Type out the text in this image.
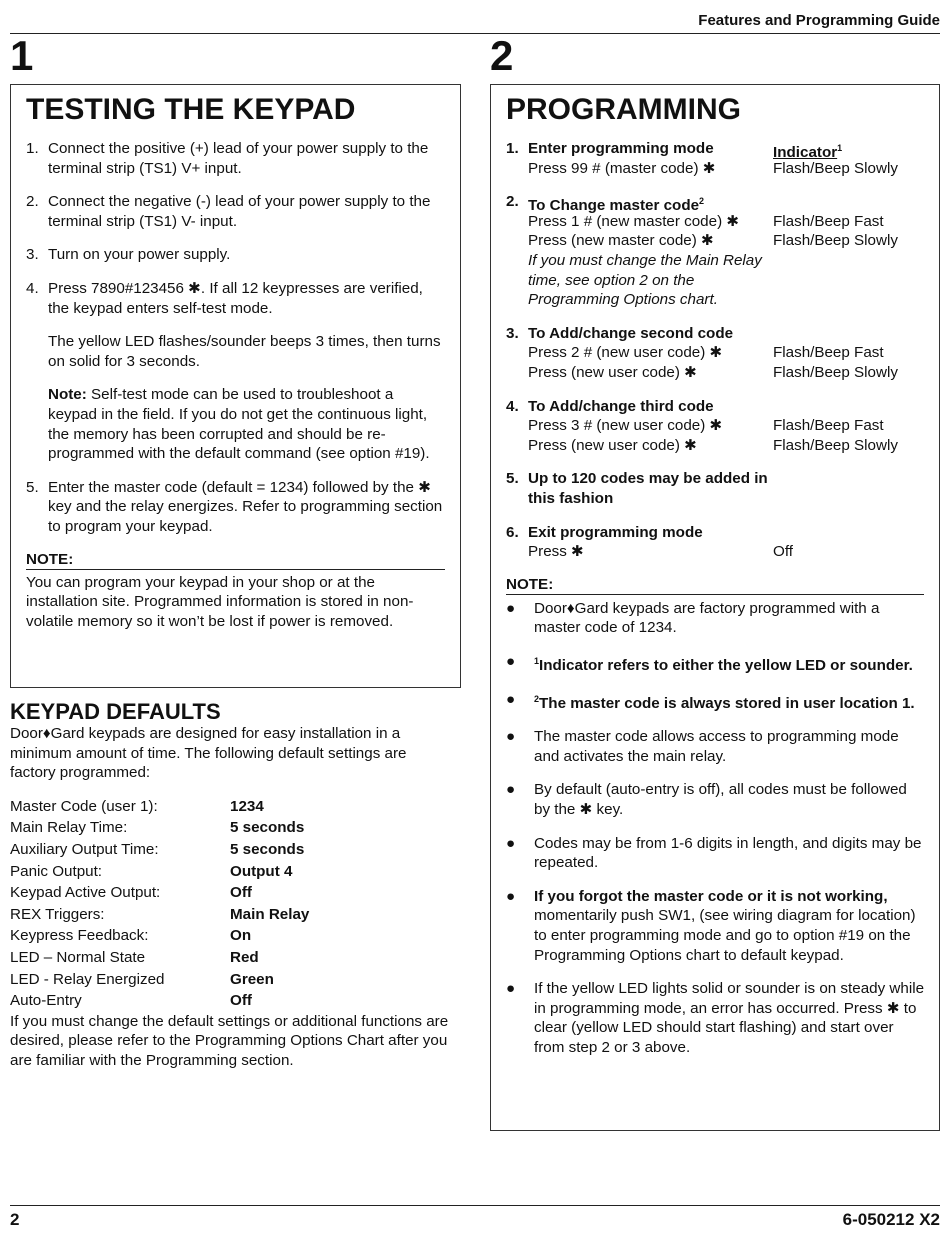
Features and Programming Guide
1
TESTING THE KEYPAD
1. Connect the positive (+) lead of your power supply to the terminal strip (TS1) V+ input.
2. Connect the negative (-) lead of your power supply to the terminal strip (TS1) V- input.
3. Turn on your power supply.
4. Press 7890#123456 ✱. If all 12 keypresses are verified, the keypad enters self-test mode.

The yellow LED flashes/sounder beeps 3 times, then turns on solid for 3 seconds.

Note: Self-test mode can be used to troubleshoot a keypad in the field. If you do not get the continuous light, the memory has been corrupted and should be re-programmed with the default command (see option #19).

5. Enter the master code (default = 1234) followed by the ✱ key and the relay energizes. Refer to programming section to program your keypad.
NOTE:

You can program your keypad in your shop or at the installation site. Programmed information is stored in non-volatile memory so it won’t be lost if power is removed.

KEYPAD DEFAULTS

Door♦Gard keypads are designed for easy installation in a minimum amount of time. The following default settings are factory programmed:

Master Code (user 1):	1234
Main Relay Time:	5 seconds
Auxiliary Output Time:	5 seconds
Panic Output:	Output 4
Keypad Active Output:	Off
REX Triggers:	Main Relay
Keypress Feedback:	On
LED – Normal State	Red
LED - Relay Energized	Green
Auto-Entry	Off

If you must change the default settings or additional functions are desired, please refer to the Programming Options Chart after you are familiar with the Programming section.

2
PROGRAMMING
1. Enter programming mode	Indicator$^1$
Press 99 # (master code) ✱	Flash/Beep Slowly
2. To Change master code$^2$
Press 1 # (new master code) ✱ Flash/Beep Fast
Press (new master code) ✱	Flash/Beep Slowly

If you must change the Main Relay time, see option 2 on the Programming Options chart.

3. To Add/change second code
Press 2 # (new user code) ✱	Flash/Beep Fast
Press (new user code) ✱	Flash/Beep Slowly
4. To Add/change third code
Press 3 # (new user code) ✱	Flash/Beep Fast
Press (new user code) ✱	Flash/Beep Slowly
5. Up to 120 codes may be added in this fashion
6. Exit programming mode
Press ✱	Off
NOTE:
● Door♦Gard keypads are factory programmed with a master code of 1234.
● $^1$Indicator refers to either the yellow LED or sounder.
● $^2$The master code is always stored in user location 1.
● The master code allows access to programming mode and activates the main relay.
● By default (auto-entry is off), all codes must be followed by the ✱ key.
● Codes may be from 1-6 digits in length, and digits may be repeated.
● If you forgot the master code or it is not working, momentarily push SW1, (see wiring diagram for location) to enter programming mode and go to option #19 on the Programming Options chart to default keypad.
● If the yellow LED lights solid or sounder is on steady while in programming mode, an error has occurred. Press ✱ to clear (yellow LED should start flashing) and start over from step 2 or 3 above.
2	6-050212 X2
